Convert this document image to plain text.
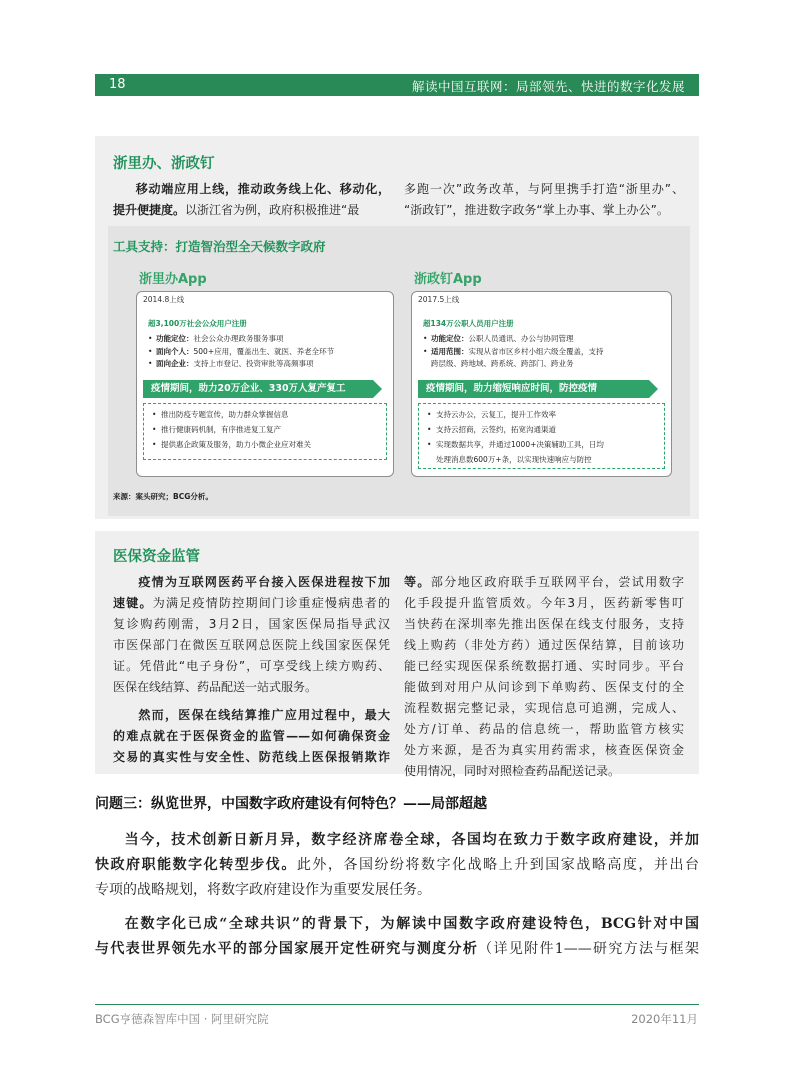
18	解读中国互联网：局部领先、快进的数字化发展
浙里办、浙政钉
移动端应用上线，推动政务线上化、移动化，
提升便捷度。以浙江省为例，政府积极推进“最
多跑一次”政务改革，与阿里携手打造“浙里办”、
“浙政钉”，推进数字政务“掌上办事、掌上办公”。
工具支持：打造智治型全天候数字政府
浙里办App
2014.8上线
超3,100万社会公众用户注册
• 功能定位：社会公众办理政务服务事项
• 面向个人：500+应用，覆盖出生、就医、养老全环节
• 面向企业：支持上市登记、投资审批等高频事项
疫情期间，助力20万企业、330万人复产复工
• 推出防疫专题宣传，助力群众掌握信息
• 推行健康码机制，有序推进复工复产
• 提供惠企政策及服务，助力小微企业应对难关
浙政钉App
2017.5上线
超134万公职人员用户注册
• 功能定位：公职人员通讯、办公与协同管理
• 适用范围：实现从省市区乡村小组六级全覆盖，支持
跨层级、跨地域、跨系统、跨部门、跨业务
疫情期间，助力缩短响应时间，防控疫情
• 支持云办公，云复工，提升工作效率
• 支持云招商，云签约，拓宽沟通渠道
• 实现数据共享，并通过1000+决策辅助工具，日均
处理消息数600万+条，以实现快速响应与防控
来源：案头研究；BCG分析。
医保资金监管
疫情为互联网医药平台接入医保进程按下加
速键。为满足疫情防控期间门诊重症慢病患者的
复诊购药刚需，3月2日，国家医保局指导武汉
市医保部门在微医互联网总医院上线国家医保凭
证。凭借此“电子身份”，可享受线上续方购药、
医保在线结算、药品配送一站式服务。
然而，医保在线结算推广应用过程中，最大
的难点就在于医保资金的监管——如何确保资金
交易的真实性与安全性、防范线上医保报销欺诈
等。部分地区政府联手互联网平台，尝试用数字
化手段提升监管质效。今年3月，医药新零售叮
当快药在深圳率先推出医保在线支付服务，支持
线上购药（非处方药）通过医保结算，目前该功
能已经实现医保系统数据打通、实时同步。平台
能做到对用户从问诊到下单购药、医保支付的全
流程数据完整记录，实现信息可追溯，完成人、
处方/订单、药品的信息统一，帮助监管方核实
处方来源，是否为真实用药需求，核查医保资金
使用情况，同时对照检查药品配送记录。
问题三：纵览世界，中国数字政府建设有何特色？——局部超越
当今，技术创新日新月异，数字经济席卷全球，各国均在致力于数字政府建设，并加
快政府职能数字化转型步伐。此外，各国纷纷将数字化战略上升到国家战略高度，并出台
专项的战略规划，将数字政府建设作为重要发展任务。
在数字化已成“全球共识”的背景下，为解读中国数字政府建设特色，BCG针对中国
与代表世界领先水平的部分国家展开定性研究与测度分析（详见附件1——研究方法与框架
BCG亨德森智库中国 · 阿里研究院	2020年11月
